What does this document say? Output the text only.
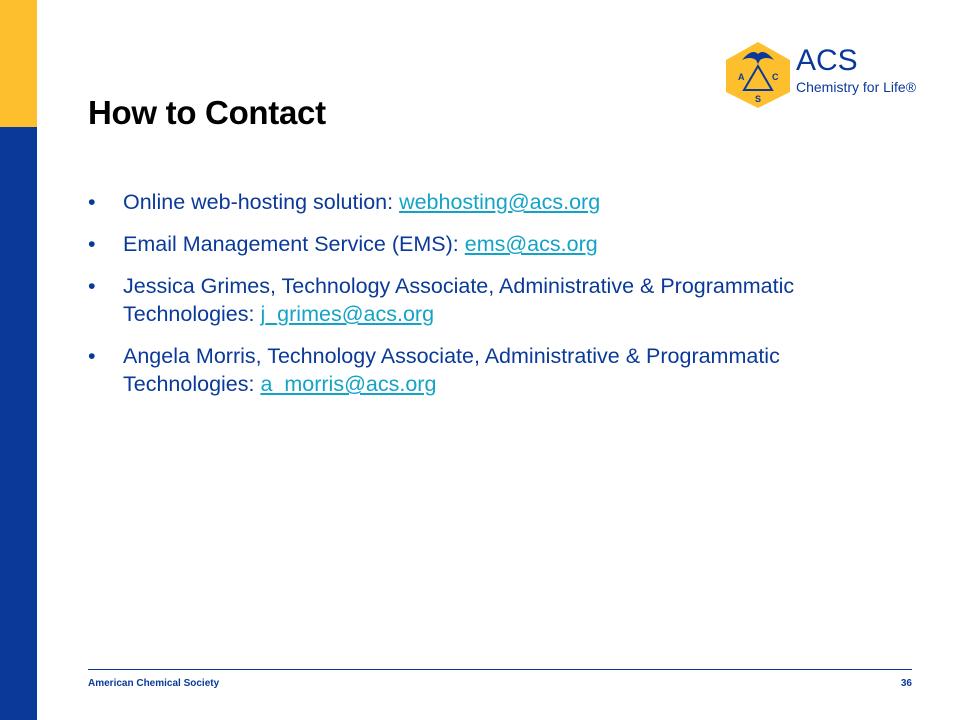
A	C
S
ACS
Chemistry for Life®
How to Contact
• Online web-hosting solution: webhosting@acs.org
• Email Management Service (EMS): ems@acs.org
• Jessica Grimes, Technology Associate, Administrative & Programmatic Technologies: j_grimes@acs.org
• Angela Morris, Technology Associate, Administrative & Programmatic Technologies: a_morris@acs.org
American Chemical Society	36
